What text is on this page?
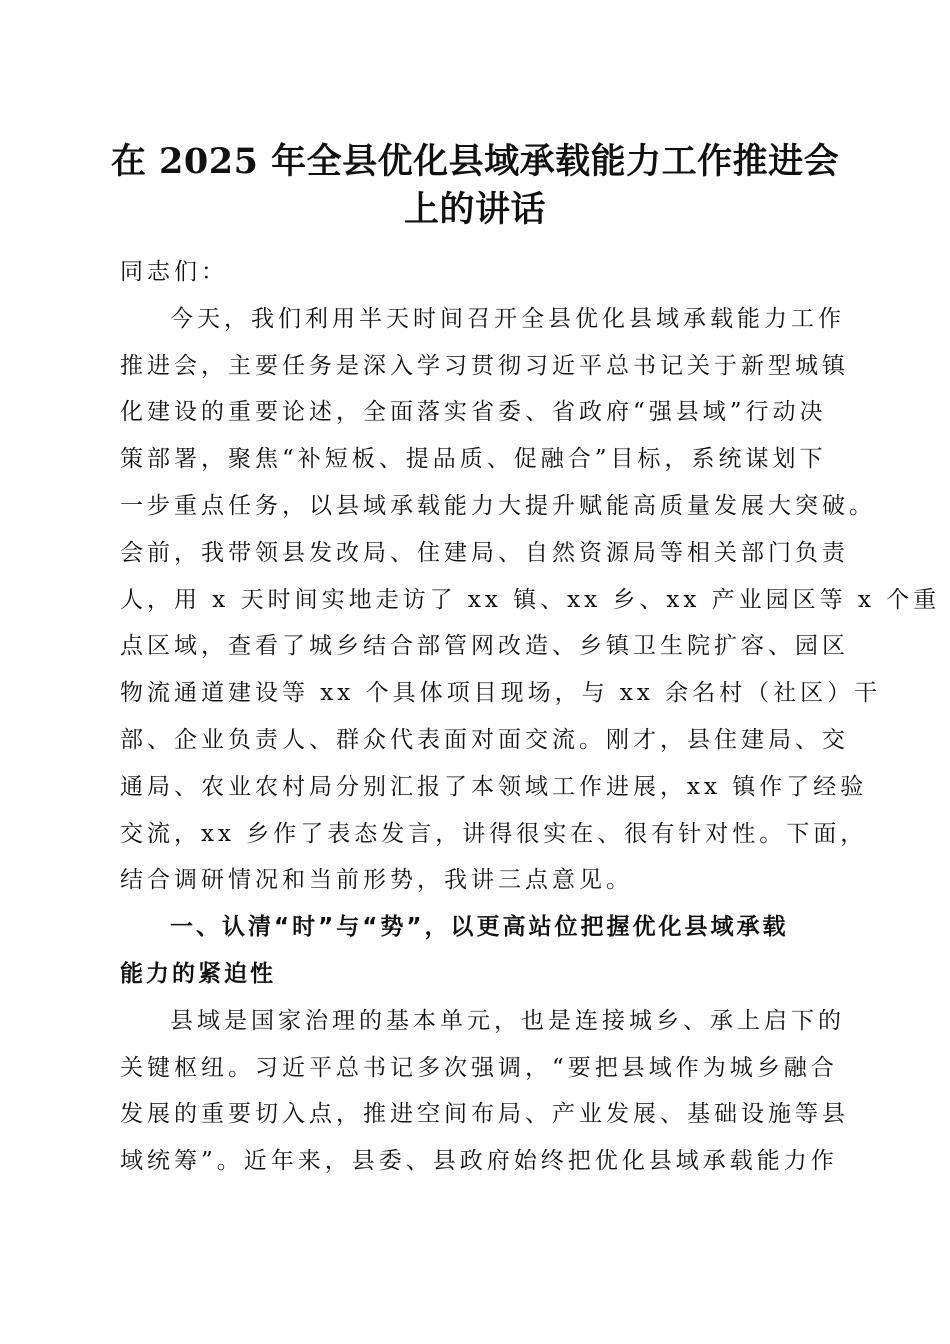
在 2025 年全县优化县域承载能力工作推进会
上的讲话
同志们：
今天，我们利用半天时间召开全县优化县域承载能力工作
推进会，主要任务是深入学习贯彻习近平总书记关于新型城镇
化建设的重要论述，全面落实省委、省政府“强县域”行动决
策部署，聚焦“补短板、提品质、促融合”目标，系统谋划下
一步重点任务，以县域承载能力大提升赋能高质量发展大突破。
会前，我带领县发改局、住建局、自然资源局等相关部门负责
人，用 x 天时间实地走访了 xx 镇、xx 乡、xx 产业园区等 x 个重
点区域，查看了城乡结合部管网改造、乡镇卫生院扩容、园区
物流通道建设等 xx 个具体项目现场，与 xx 余名村（社区）干
部、企业负责人、群众代表面对面交流。刚才，县住建局、交
通局、农业农村局分别汇报了本领域工作进展，xx 镇作了经验
交流，xx 乡作了表态发言，讲得很实在、很有针对性。下面，
结合调研情况和当前形势，我讲三点意见。
一、认清“时”与“势”，以更高站位把握优化县域承载
能力的紧迫性
县域是国家治理的基本单元，也是连接城乡、承上启下的
关键枢纽。习近平总书记多次强调，“要把县域作为城乡融合
发展的重要切入点，推进空间布局、产业发展、基础设施等县
域统筹”。近年来，县委、县政府始终把优化县域承载能力作
